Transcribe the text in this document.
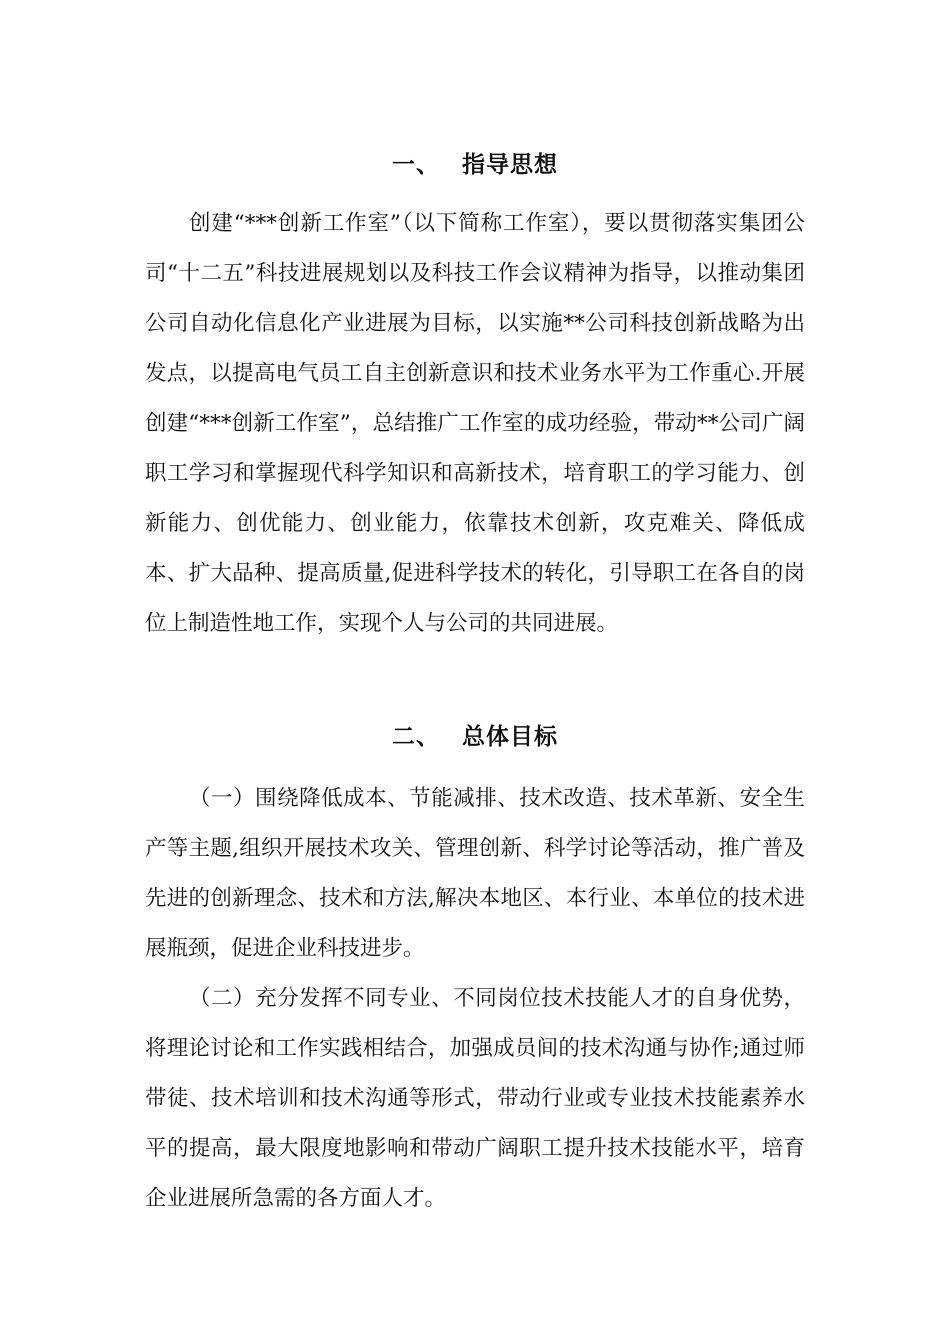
一、 指导思想

创建“***创新工作室”（以下简称工作室），要以贯彻落实集团公司“十二五”科技进展规划以及科技工作会议精神为指导，以推动集团公司自动化信息化产业进展为目标，以实施**公司科技创新战略为出发点，以提高电气员工自主创新意识和技术业务水平为工作重心.开展创建“***创新工作室”，总结推广工作室的成功经验，带动**公司广阔职工学习和掌握现代科学知识和高新技术，培育职工的学习能力、创新能力、创优能力、创业能力，依靠技术创新，攻克难关、降低成本、扩大品种、提高质量,促进科学技术的转化，引导职工在各自的岗位上制造性地工作，实现个人与公司的共同进展。

二、 总体目标

（一）围绕降低成本、节能减排、技术改造、技术革新、安全生产等主题,组织开展技术攻关、管理创新、科学讨论等活动，推广普及先进的创新理念、技术和方法,解决本地区、本行业、本单位的技术进展瓶颈，促进企业科技进步。

（二）充分发挥不同专业、不同岗位技术技能人才的自身优势，将理论讨论和工作实践相结合，加强成员间的技术沟通与协作;通过师带徒、技术培训和技术沟通等形式，带动行业或专业技术技能素养水平的提高，最大限度地影响和带动广阔职工提升技术技能水平，培育企业进展所急需的各方面人才。
